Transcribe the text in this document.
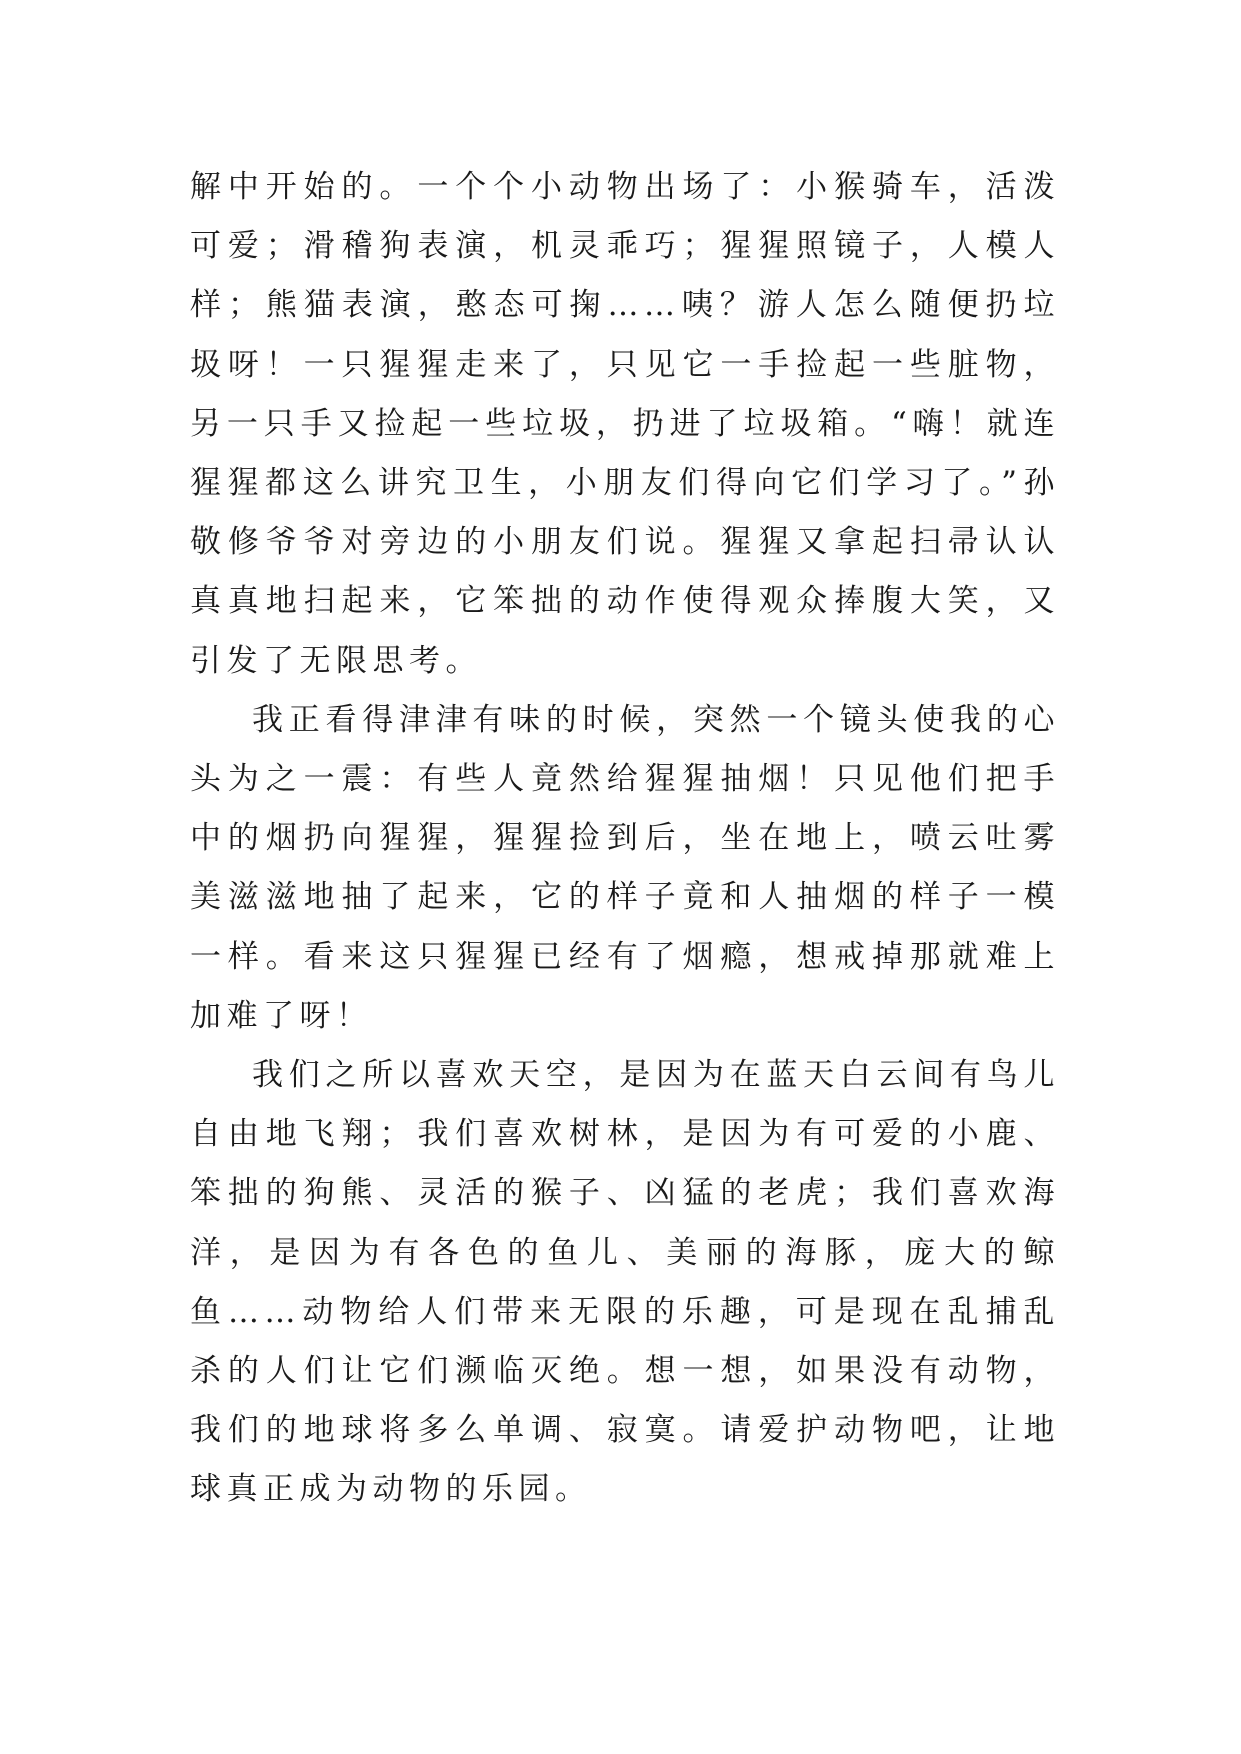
解中开始的。一个个小动物出场了：小猴骑车，活泼可爱；滑稽狗表演，机灵乖巧；猩猩照镜子，人模人样；熊猫表演，憨态可掬……咦？游人怎么随便扔垃圾呀！一只猩猩走来了，只见它一手捡起一些脏物，另一只手又捡起一些垃圾，扔进了垃圾箱。“嗨！就连猩猩都这么讲究卫生，小朋友们得向它们学习了。”孙敬修爷爷对旁边的小朋友们说。猩猩又拿起扫帚认认真真地扫起来，它笨拙的动作使得观众捧腹大笑，又引发了无限思考。

我正看得津津有味的时候，突然一个镜头使我的心头为之一震：有些人竟然给猩猩抽烟！只见他们把手中的烟扔向猩猩，猩猩捡到后，坐在地上，喷云吐雾美滋滋地抽了起来，它的样子竟和人抽烟的样子一模一样。看来这只猩猩已经有了烟瘾，想戒掉那就难上加难了呀！

我们之所以喜欢天空，是因为在蓝天白云间有鸟儿自由地飞翔；我们喜欢树林，是因为有可爱的小鹿、笨拙的狗熊、灵活的猴子、凶猛的老虎；我们喜欢海洋，是因为有各色的鱼儿、美丽的海豚，庞大的鲸鱼……动物给人们带来无限的乐趣，可是现在乱捕乱杀的人们让它们濒临灭绝。想一想，如果没有动物，我们的地球将多么单调、寂寞。请爱护动物吧，让地球真正成为动物的乐园。
